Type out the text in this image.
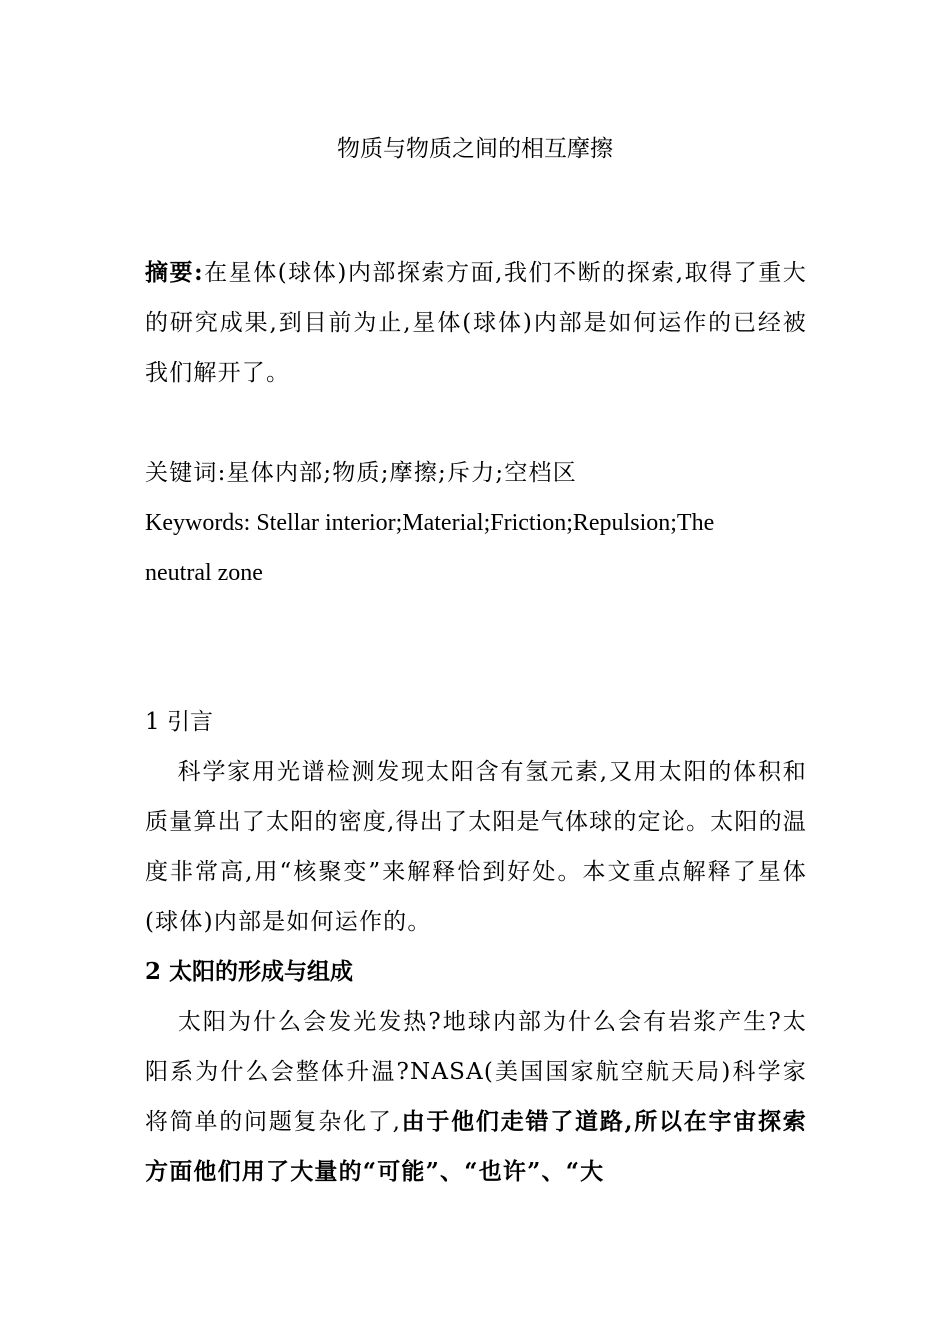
物质与物质之间的相互摩擦
摘要:在星体(球体)内部探索方面,我们不断的探索,取得了重大的研究成果,到目前为止,星体(球体)内部是如何运作的已经被我们解开了。
关键词:星体内部;物质;摩擦;斥力;空档区
Keywords: Stellar interior;Material;Friction;Repulsion;The neutral zone
1 引言
科学家用光谱检测发现太阳含有氢元素,又用太阳的体积和质量算出了太阳的密度,得出了太阳是气体球的定论。太阳的温度非常高,用“核聚变”来解释恰到好处。本文重点解释了星体(球体)内部是如何运作的。
2 太阳的形成与组成
太阳为什么会发光发热?地球内部为什么会有岩浆产生?太阳系为什么会整体升温?NASA(美国国家航空航天局)科学家将简单的问题复杂化了,由于他们走错了道路,所以在宇宙探索方面他们用了大量的“可能”、“也许”、“大
